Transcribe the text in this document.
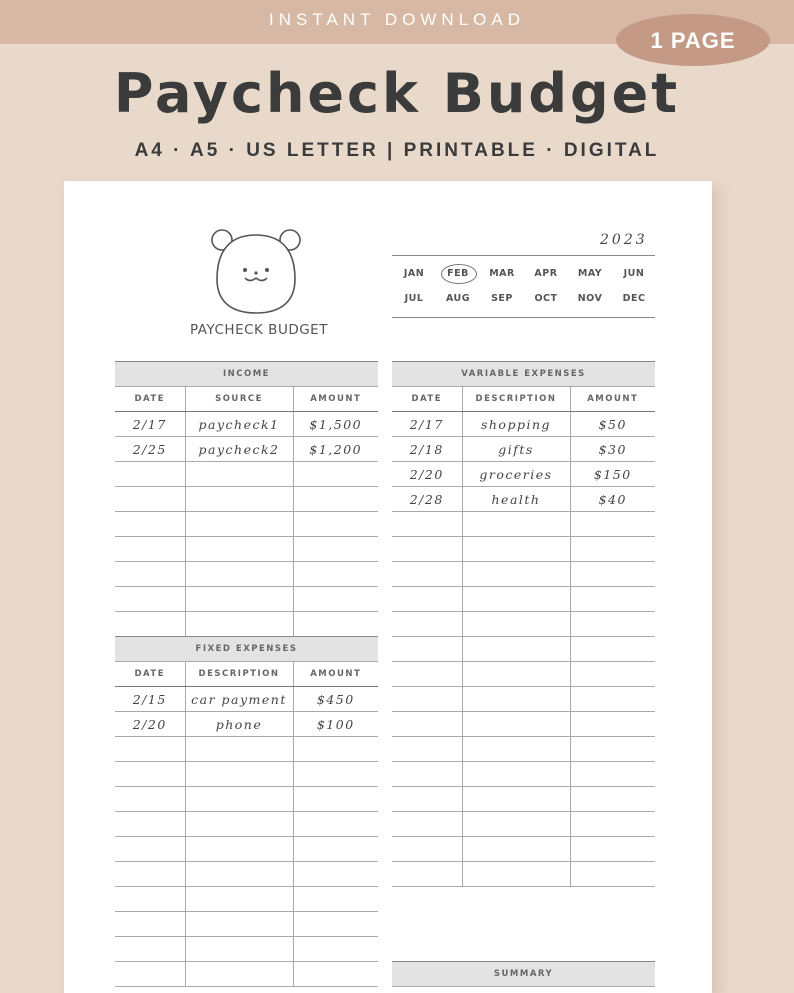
INSTANT DOWNLOAD
1 PAGE
Paycheck Budget
A4 · A5 · US LETTER | PRINTABLE · DIGITAL
PAYCHECK BUDGET
2023
JAN	FEB	MAR	APR	MAY	JUN
JUL	AUG	SEP	OCT	NOV	DEC
INCOME		
DATE	SOURCE	AMOUNT
2/17	paycheck1	$1,500
2/25	paycheck2	$1,200

FIXED EXPENSES		
DATE	DESCRIPTION	AMOUNT
2/15	car payment	$450
2/20	phone	$100

VARIABLE EXPENSES		
DATE	DESCRIPTION	AMOUNT
2/17	shopping	$50
2/18	gifts	$30
2/20	groceries	$150
2/28	health	$40

SUMMARY
